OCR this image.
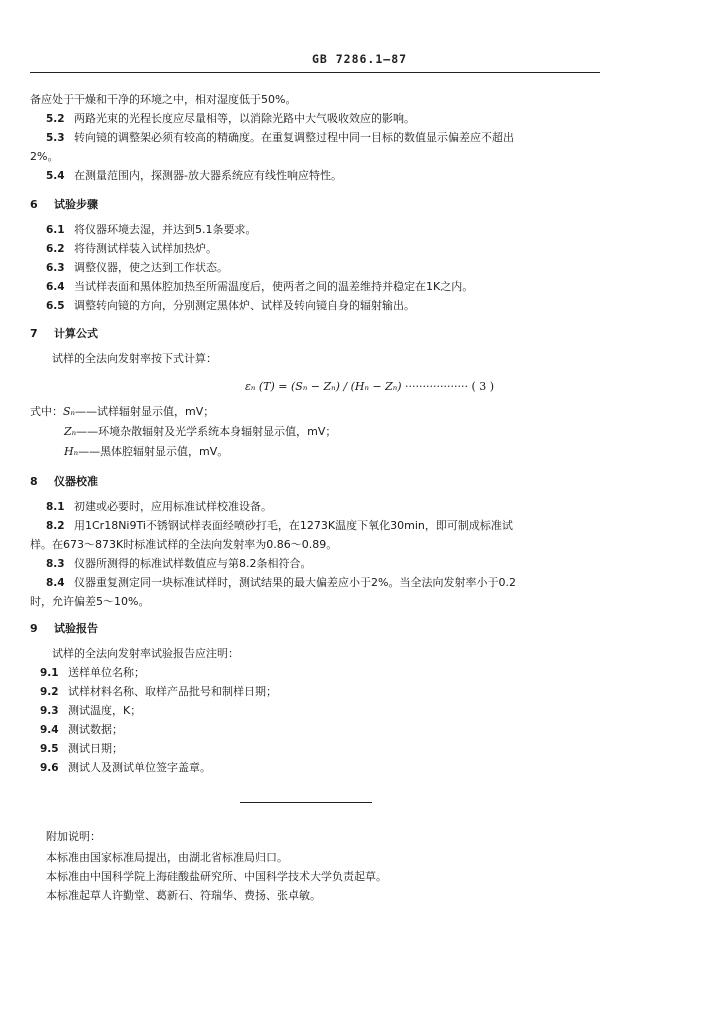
GB 7286.1—87
备应处于干燥和干净的环境之中，相对湿度低于50%。
5.2 两路光束的光程长度应尽量相等，以消除光路中大气吸收效应的影响。
5.3 转向镜的调整架必须有较高的精确度。在重复调整过程中同一目标的数值显示偏差应不超出
2%。
5.4 在测量范围内，探测器-放大器系统应有线性响应特性。
6 试验步骤
6.1 将仪器环境去湿，并达到5.1条要求。
6.2 将待测试样装入试样加热炉。
6.3 调整仪器，使之达到工作状态。
6.4 当试样表面和黑体腔加热至所需温度后，使两者之间的温差维持并稳定在1K之内。
6.5 调整转向镜的方向，分别测定黑体炉、试样及转向镜自身的辐射输出。
7 计算公式
试样的全法向发射率按下式计算：
εₙ (T) = (Sₙ − Zₙ) / (Hₙ − Zₙ) ·················· ( 3 )
式中：Sₙ——试样辐射显示值，mV；
Zₙ——环境杂散辐射及光学系统本身辐射显示值，mV；
Hₙ——黑体腔辐射显示值，mV。
8 仪器校准
8.1 初建或必要时，应用标准试样校准设备。
8.2 用1Cr18Ni9Ti不锈钢试样表面经喷砂打毛，在1273K温度下氧化30min，即可制成标准试
样。在673～873K时标准试样的全法向发射率为0.86～0.89。
8.3 仪器所测得的标准试样数值应与第8.2条相符合。
8.4 仪器重复测定同一块标准试样时，测试结果的最大偏差应小于2%。当全法向发射率小于0.2
时，允许偏差5～10%。
9 试验报告
试样的全法向发射率试验报告应注明：
9.1 送样单位名称；
9.2 试样材料名称、取样产品批号和制样日期；
9.3 测试温度，K；
9.4 测试数据；
9.5 测试日期；
9.6 测试人及测试单位签字盖章。
附加说明：
本标准由国家标准局提出，由湖北省标准局归口。
本标准由中国科学院上海硅酸盐研究所、中国科学技术大学负责起草。
本标准起草人许勤堂、葛新石、符瑞华、费扬、张卓敏。
